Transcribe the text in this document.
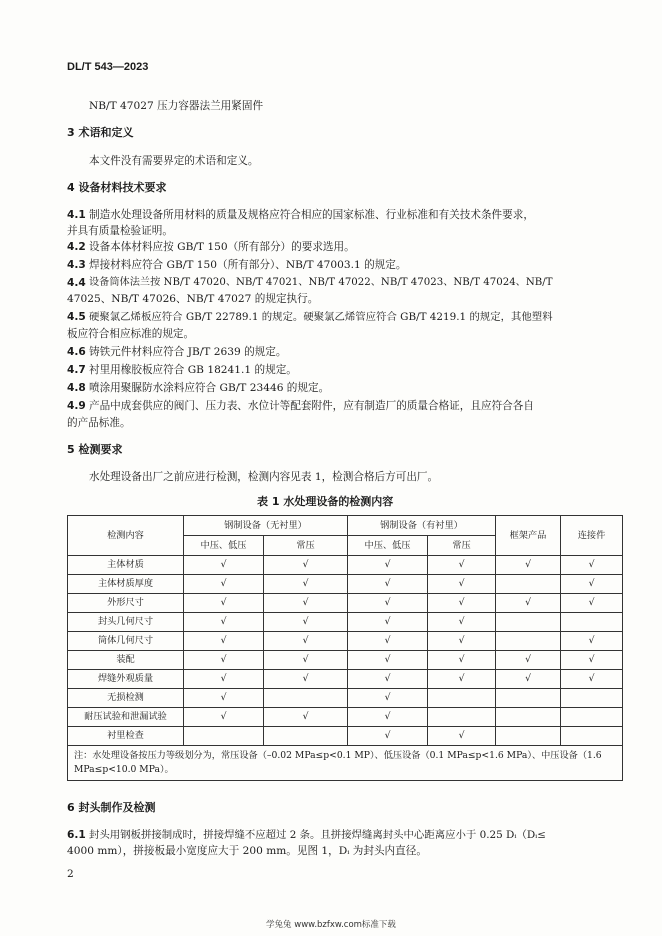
DL/T 543—2023
NB/T 47027 压力容器法兰用紧固件
3 术语和定义
本文件没有需要界定的术语和定义。
4 设备材料技术要求
4.1 制造水处理设备所用材料的质量及规格应符合相应的国家标准、行业标准和有关技术条件要求，
并具有质量检验证明。
4.2 设备本体材料应按 GB/T 150（所有部分）的要求选用。
4.3 焊接材料应符合 GB/T 150（所有部分）、NB/T 47003.1 的规定。
4.4 设备筒体法兰按 NB/T 47020、NB/T 47021、NB/T 47022、NB/T 47023、NB/T 47024、NB/T
47025、NB/T 47026、NB/T 47027 的规定执行。
4.5 硬聚氯乙烯板应符合 GB/T 22789.1 的规定。硬聚氯乙烯管应符合 GB/T 4219.1 的规定，其他塑料
板应符合相应标准的规定。
4.6 铸铁元件材料应符合 JB/T 2639 的规定。
4.7 衬里用橡胶板应符合 GB 18241.1 的规定。
4.8 喷涂用聚脲防水涂料应符合 GB/T 23446 的规定。
4.9 产品中成套供应的阀门、压力表、水位计等配套附件，应有制造厂的质量合格证，且应符合各自
的产品标准。
5 检测要求
水处理设备出厂之前应进行检测，检测内容见表 1，检测合格后方可出厂。
表 1 水处理设备的检测内容
检测内容	钢制设备（无衬里）		钢制设备（有衬里）		框架产品	连接件
	中压、低压	常压	中压、低压	常压		
主体材质	√	√	√	√	√	√
主体材质厚度	√	√	√	√		√
外形尺寸	√	√	√	√	√	√
封头几何尺寸	√	√	√	√		
筒体几何尺寸	√	√	√	√		√
装配	√	√	√	√	√	√
焊缝外观质量	√	√	√	√	√	√
无损检测	√		√			
耐压试验和泄漏试验	√	√	√			
衬里检查			√	√		
注：水处理设备按压力等级划分为，常压设备（–0.02 MPa≤p<0.1 MP）、低压设备（0.1 MPa≤p<1.6 MPa）、中压设备（1.6 MPa≤p<10.0 MPa）。						
6 封头制作及检测
6.1 封头用钢板拼接制成时，拼接焊缝不应超过 2 条。且拼接焊缝离封头中心距离应小于 0.25 Dᵢ（Dᵢ≤
4000 mm），拼接板最小宽度应大于 200 mm。见图 1，Dᵢ 为封头内直径。
2
学兔兔 www.bzfxw.com标准下载
